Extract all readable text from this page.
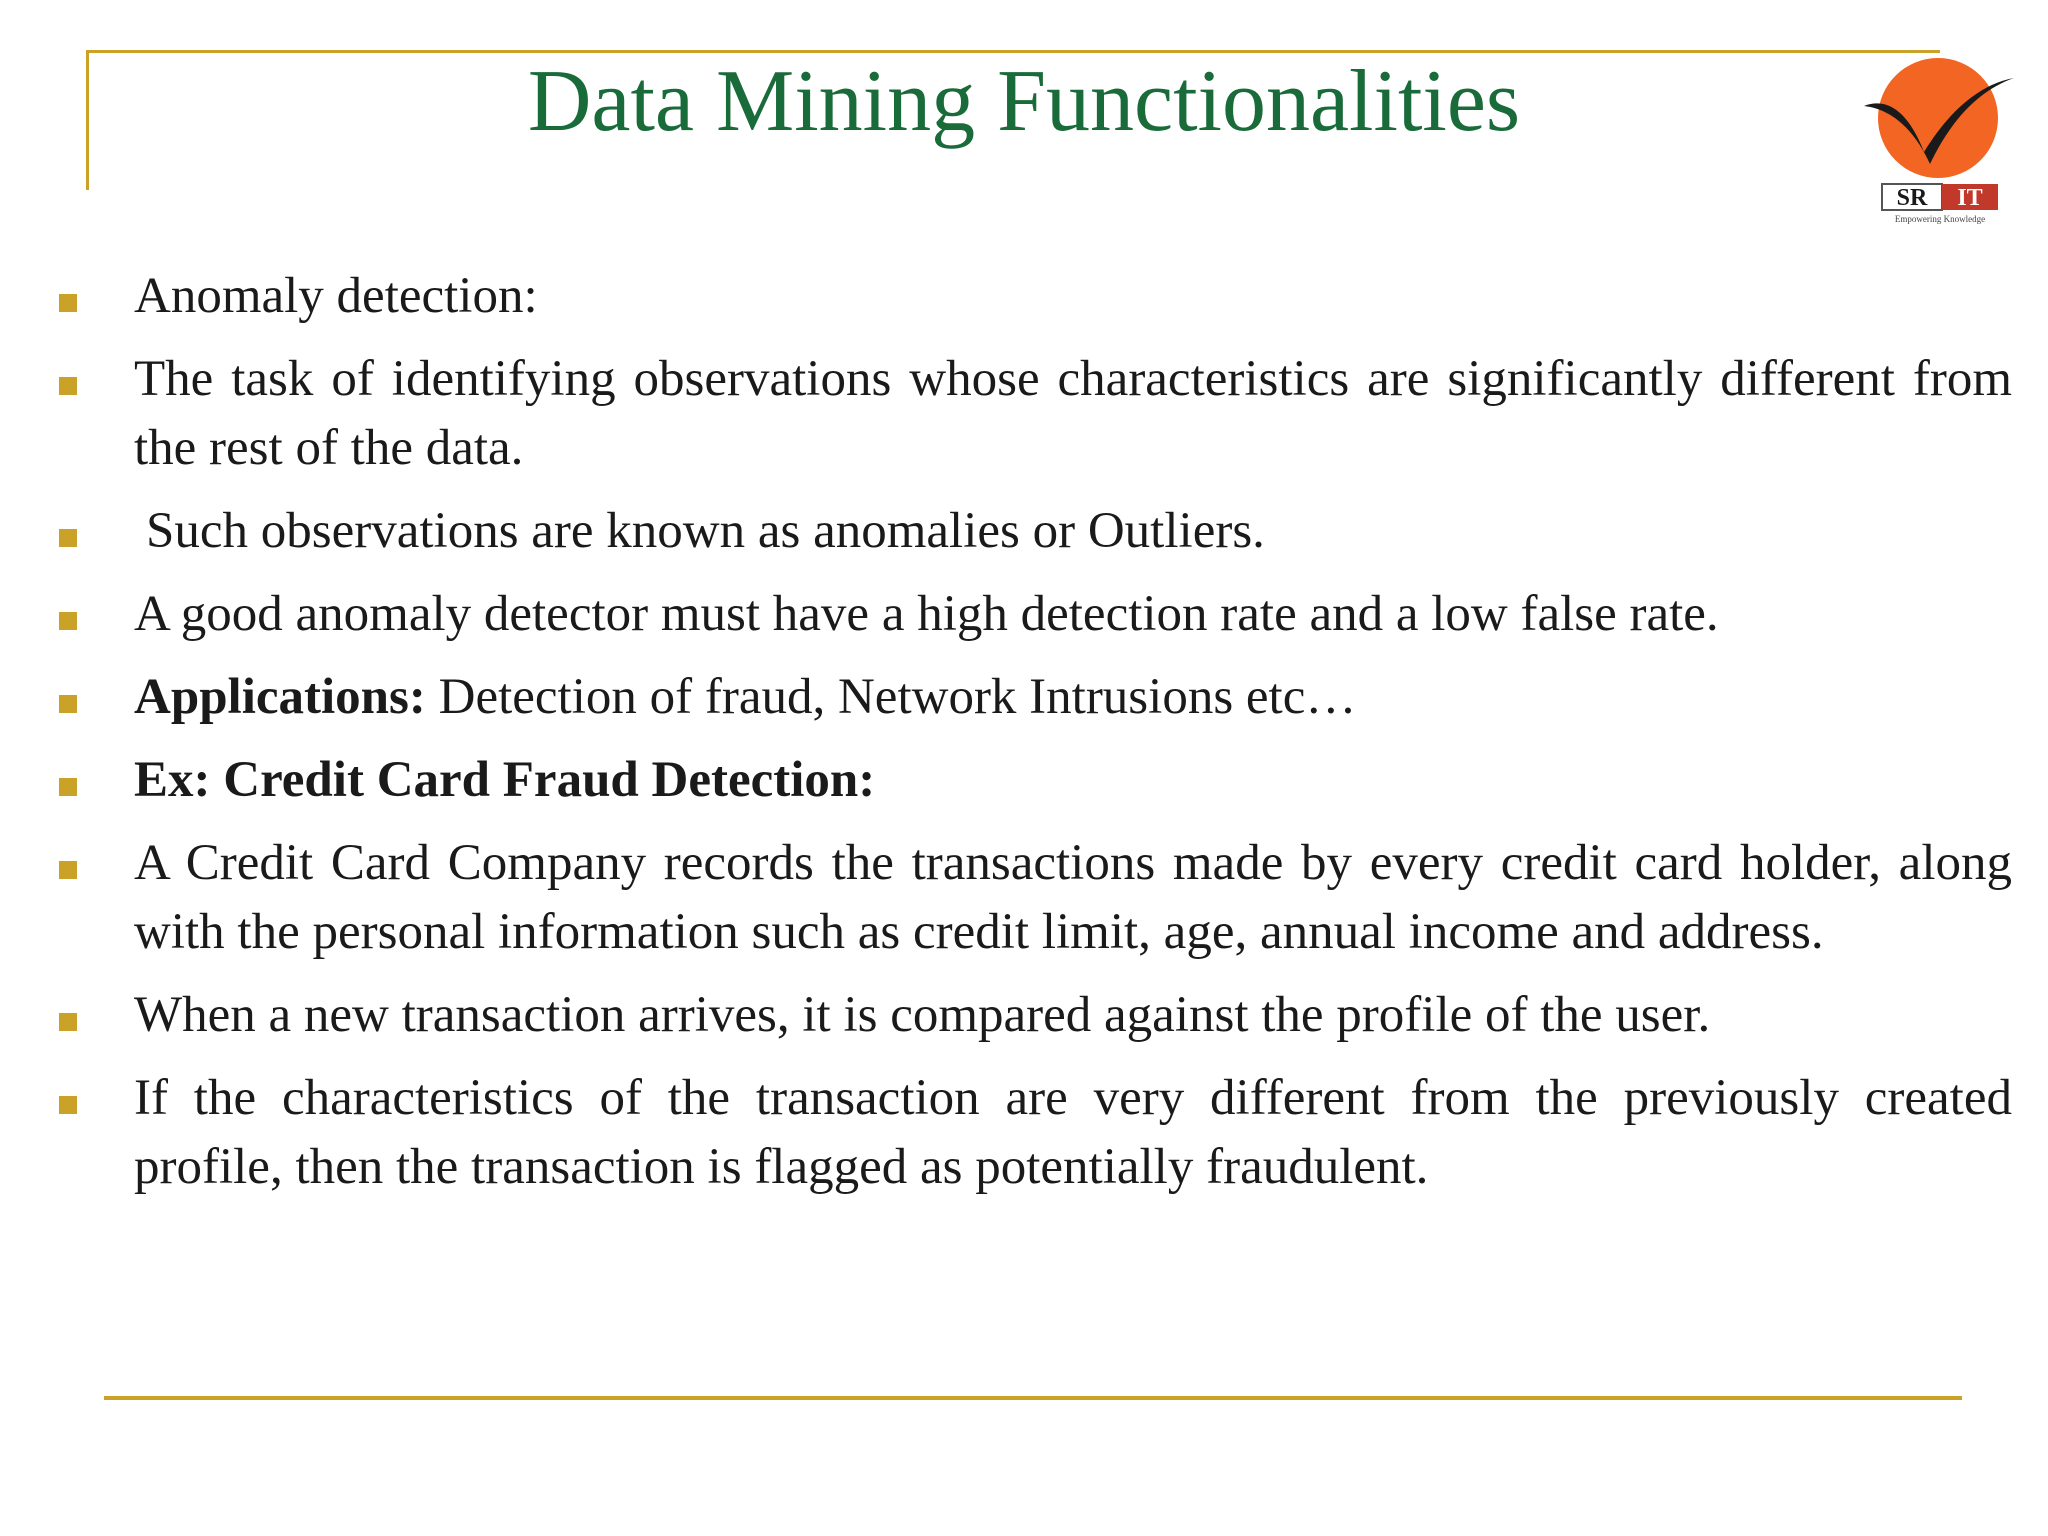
Data Mining Functionalities
SR IT
Empowering Knowledge
Anomaly detection:
The task of identifying observations whose characteristics are significantly different from the rest of the data.
Such observations are known as anomalies or Outliers.
A good anomaly detector must have a high detection rate and a low false rate.
Applications: Detection of fraud, Network Intrusions etc…
Ex: Credit Card Fraud Detection:
A Credit Card Company records the transactions made by every credit card holder, along with the personal information such as credit limit, age, annual income and address.
When a new transaction arrives, it is compared against the profile of the user.
If the characteristics of the transaction are very different from the previously created profile, then the transaction is flagged as potentially fraudulent.
